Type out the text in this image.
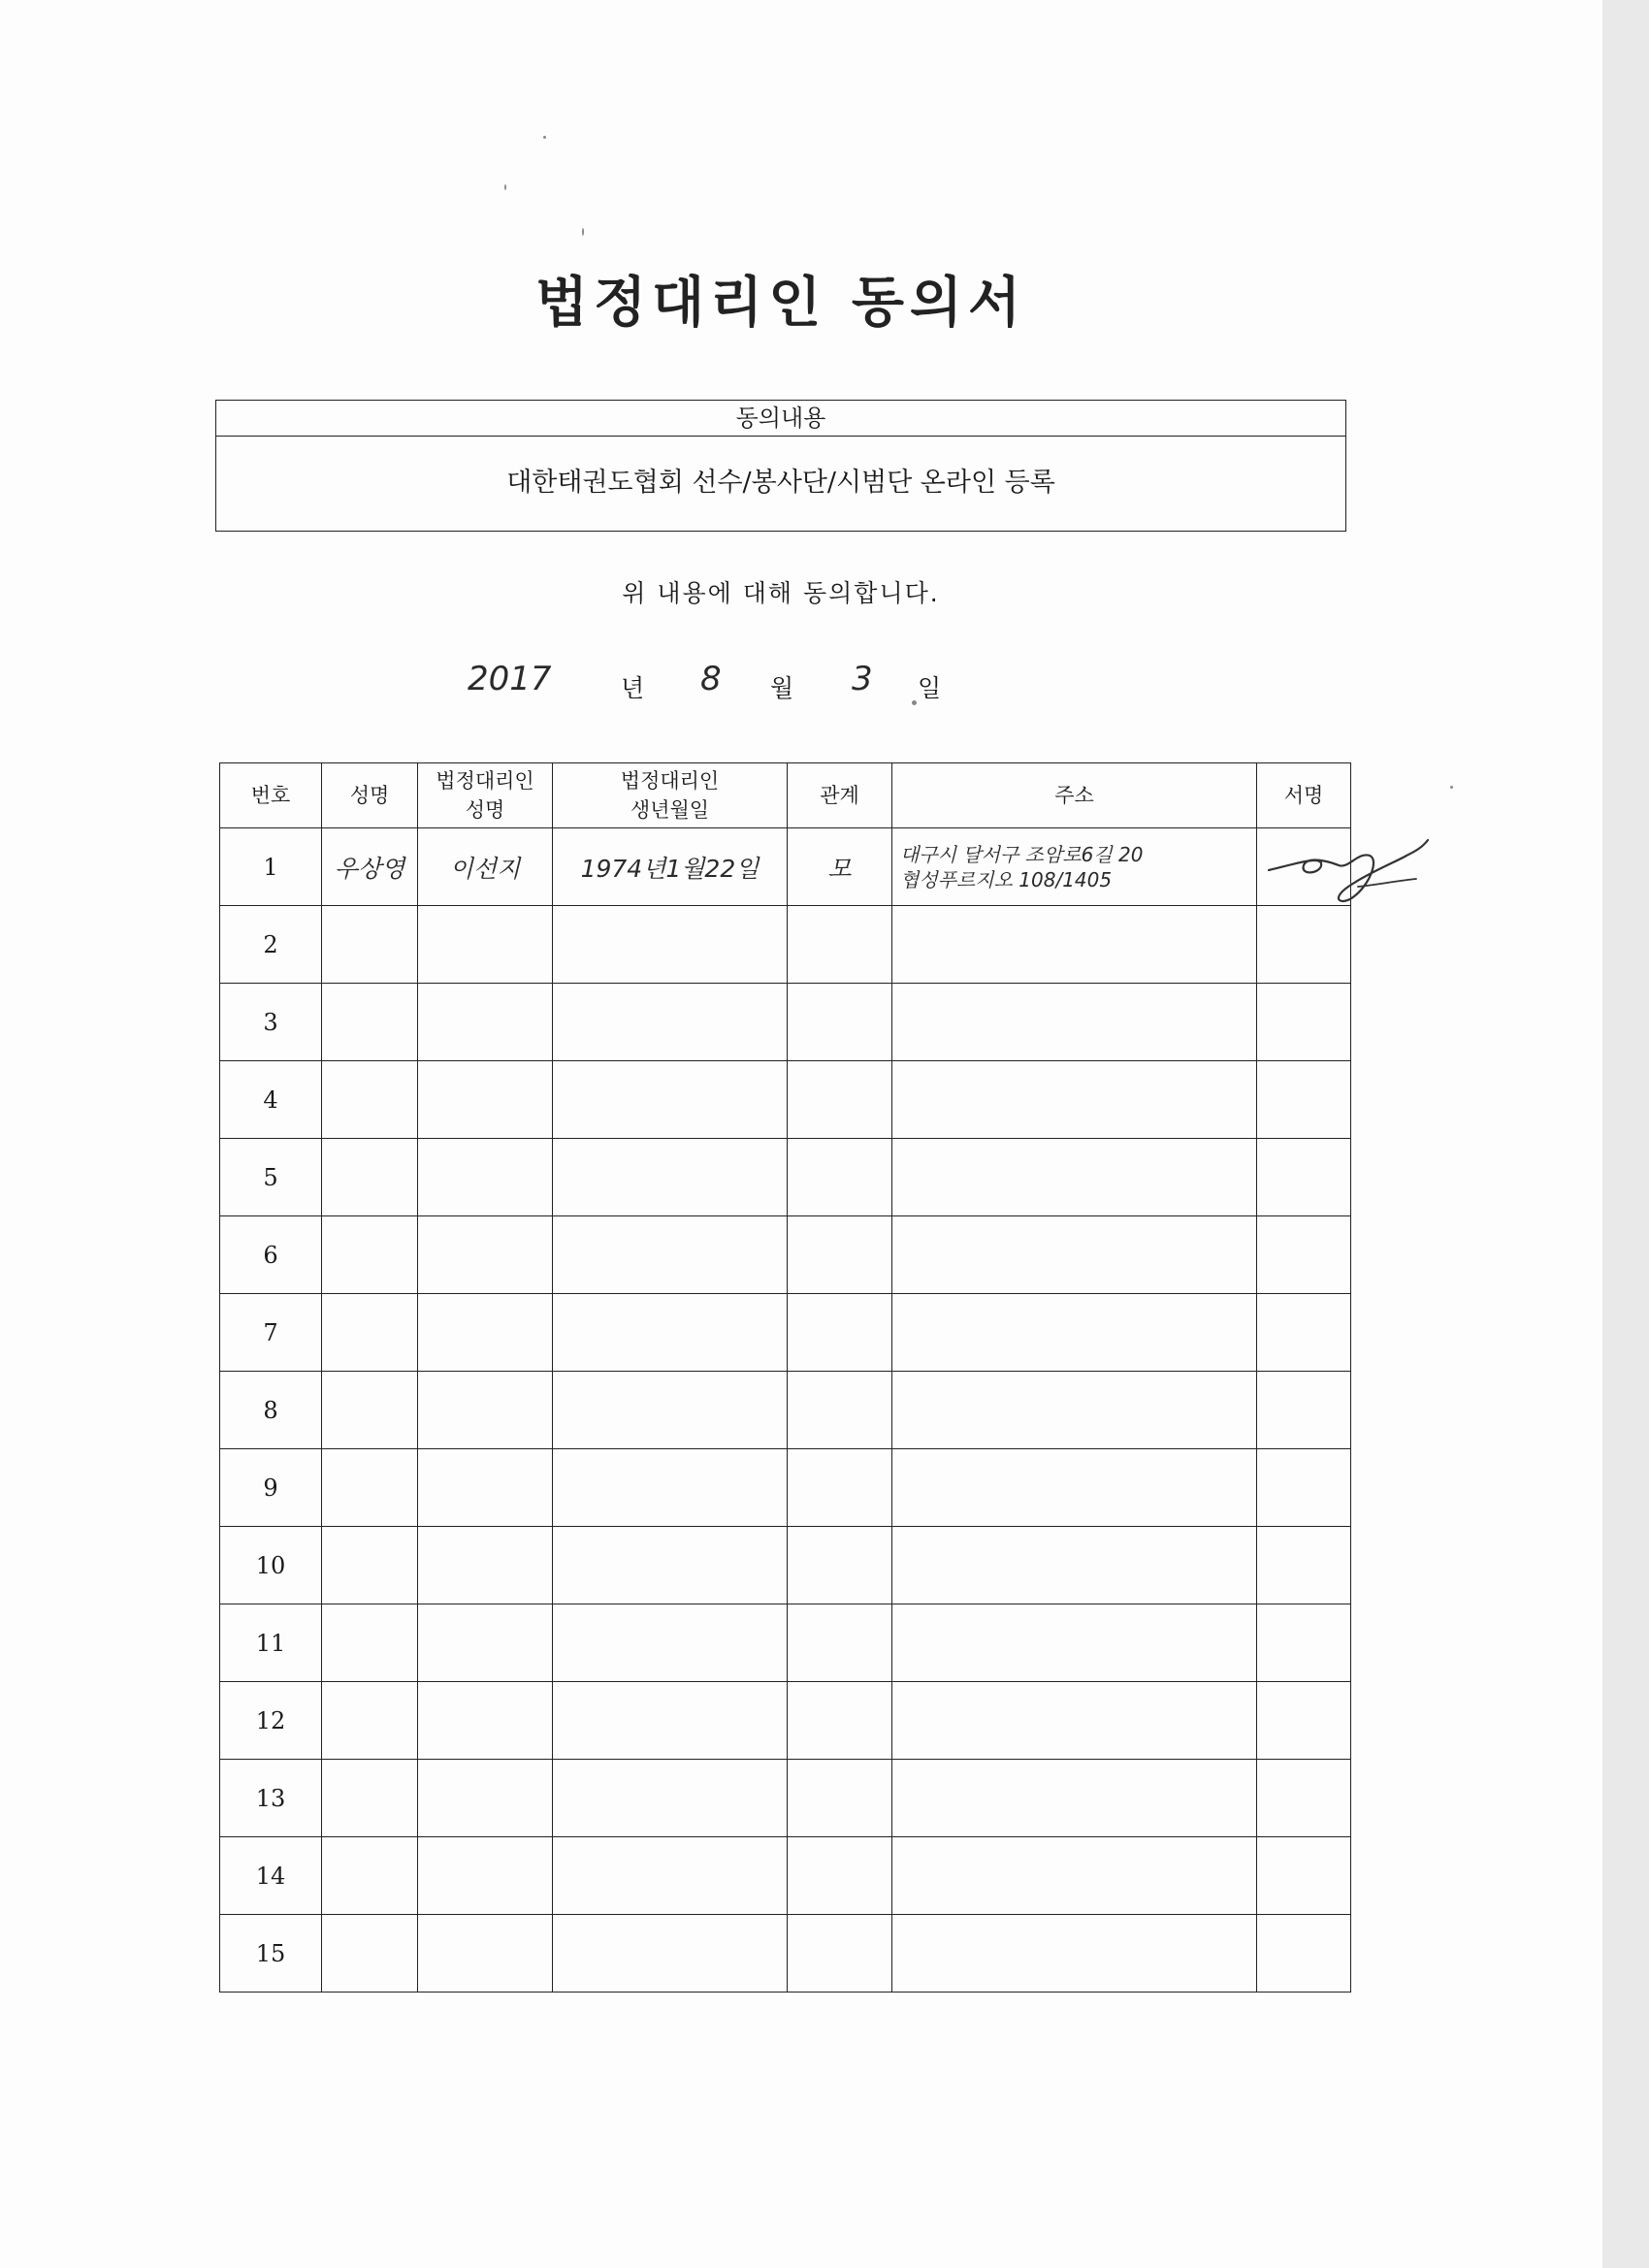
법정대리인 동의서
동의내용
대한태권도협회 선수/봉사단/시범단 온라인 등록
위 내용에 대해 동의합니다.
2017	년 8 월 3 일
번호	성명	법정대리인 성명	법정대리인 생년월일	관계	주소	서명
1	우상영	이선지	1974년1월22일	모	대구시 달서구 조암로6길 20
협성푸르지오 108/1405	

2						
3						
4						
5						
6						
7						
8						
9						
10						
11						
12						
13						
14						
15						
